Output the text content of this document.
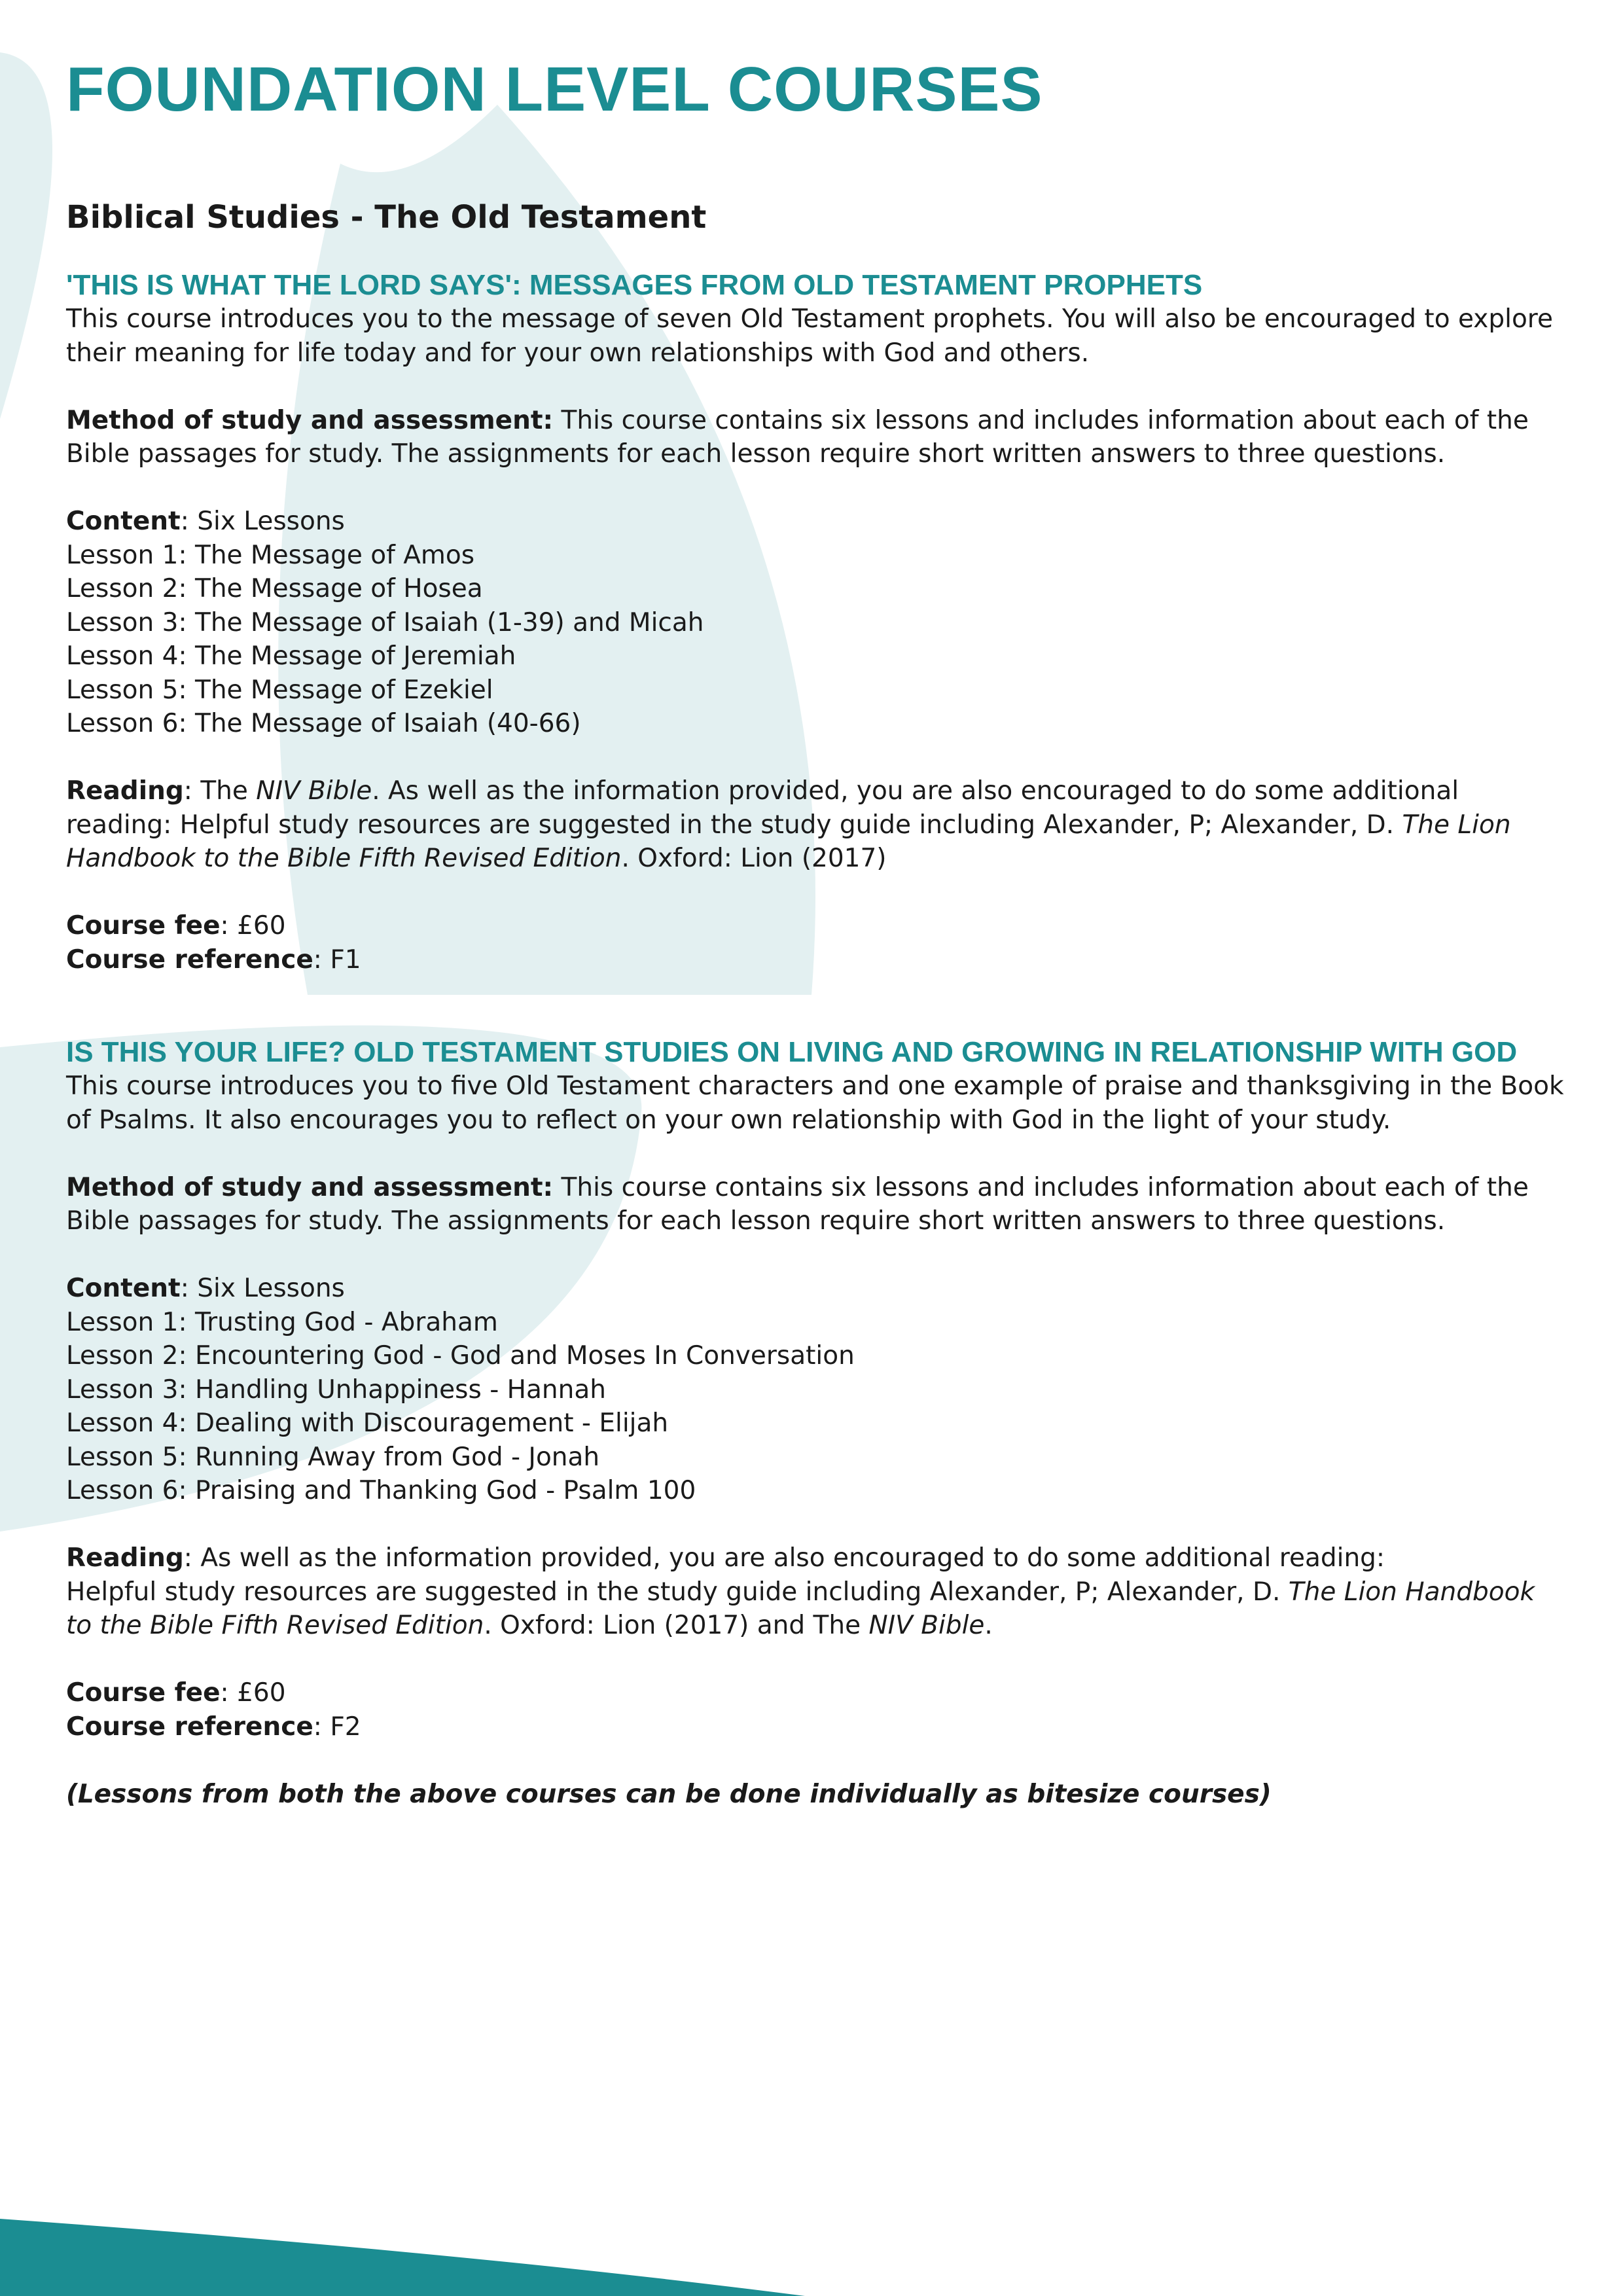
FOUNDATION LEVEL COURSES
Biblical Studies - The Old Testament
'THIS IS WHAT THE LORD SAYS': MESSAGES FROM OLD TESTAMENT PROPHETS

This course introduces you to the message of seven Old Testament prophets. You will also be encouraged to explore their meaning for life today and for your own relationships with God and others.

Method of study and assessment: This course contains six lessons and includes information about each of the Bible passages for study. The assignments for each lesson require short written answers to three questions.

Content: Six Lessons

Lesson 1: The Message of Amos
Lesson 2: The Message of Hosea
Lesson 3: The Message of Isaiah (1-39) and Micah
Lesson 4: The Message of Jeremiah
Lesson 5: The Message of Ezekiel
Lesson 6: The Message of Isaiah (40-66)

Reading: The NIV Bible. As well as the information provided, you are also encouraged to do some additional reading: Helpful study resources are suggested in the study guide including Alexander, P; Alexander, D. The Lion Handbook to the Bible Fifth Revised Edition. Oxford: Lion (2017)

Course fee: £60

Course reference: F1

IS THIS YOUR LIFE? OLD TESTAMENT STUDIES ON LIVING AND GROWING IN RELATIONSHIP WITH GOD

This course introduces you to five Old Testament characters and one example of praise and thanksgiving in the Book of Psalms. It also encourages you to reflect on your own relationship with God in the light of your study.

Method of study and assessment: This course contains six lessons and includes information about each of the Bible passages for study. The assignments for each lesson require short written answers to three questions.

Content: Six Lessons

Lesson 1: Trusting God - Abraham
Lesson 2: Encountering God - God and Moses In Conversation
Lesson 3: Handling Unhappiness - Hannah
Lesson 4: Dealing with Discouragement - Elijah
Lesson 5: Running Away from God - Jonah
Lesson 6: Praising and Thanking God - Psalm 100

Reading: As well as the information provided, you are also encouraged to do some additional reading:
Helpful study resources are suggested in the study guide including Alexander, P; Alexander, D. The Lion Handbook to the Bible Fifth Revised Edition. Oxford: Lion (2017) and The NIV Bible.

Course fee: £60

Course reference: F2

(Lessons from both the above courses can be done individually as bitesize courses)
